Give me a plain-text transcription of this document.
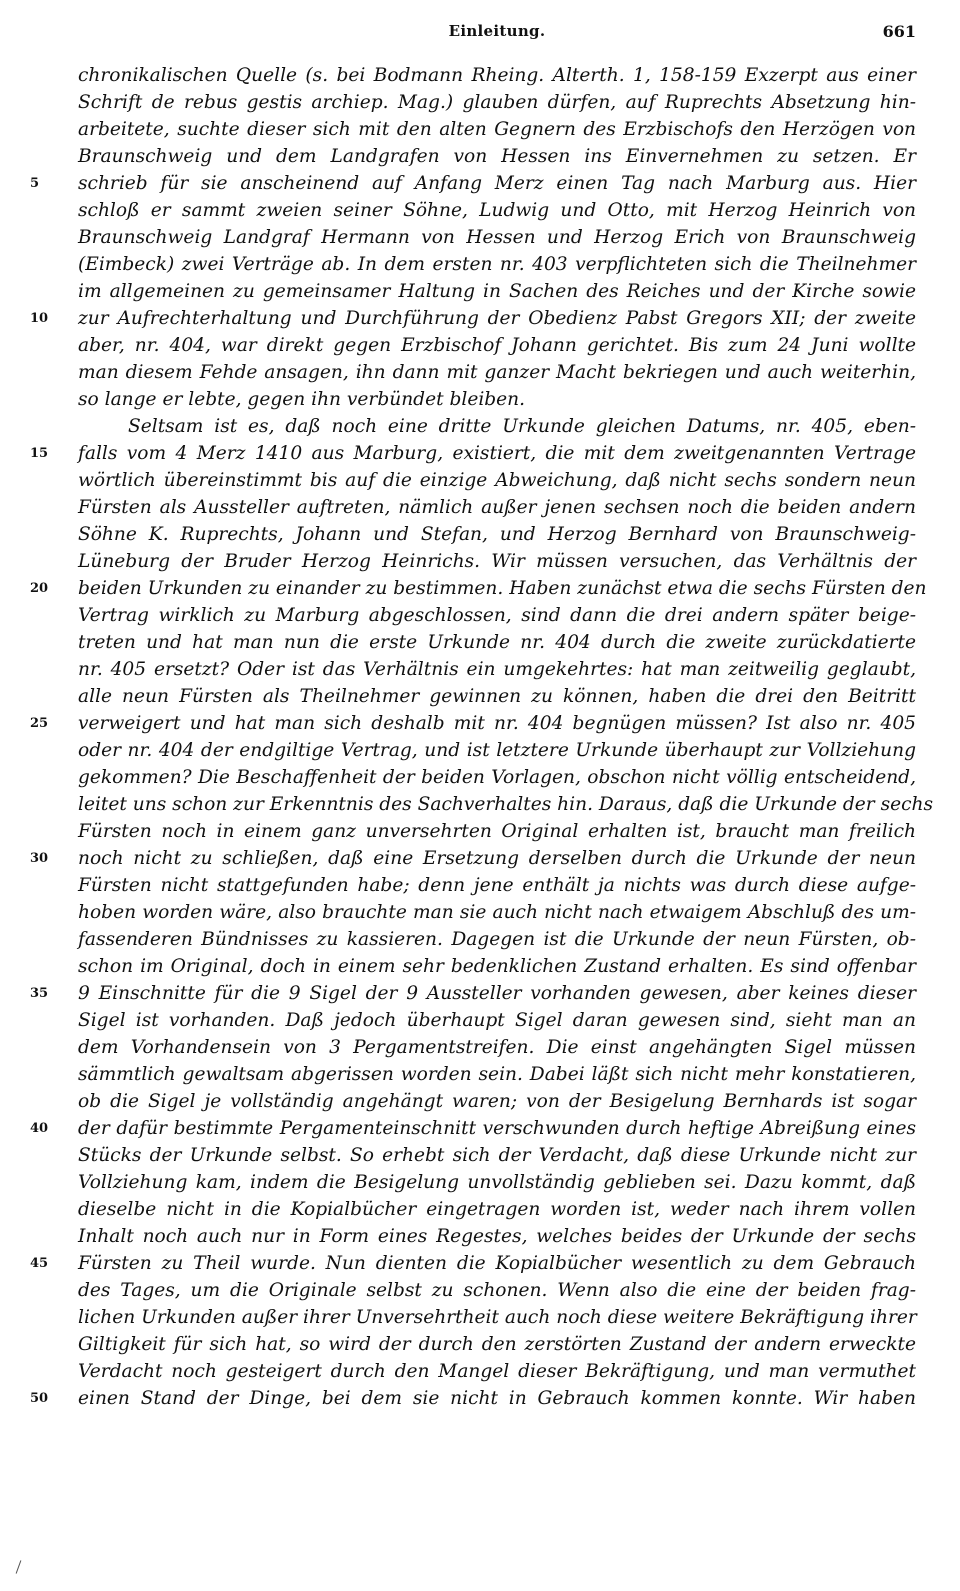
Einleitung.	661
chronikalischen Quelle (s. bei Bodmann Rheing. Alterth. 1, 158-159 Exzerpt aus einer
Schrift de rebus gestis archiep. Mag.) glauben dürfen, auf Ruprechts Absetzung hin-
arbeitete, suchte dieser sich mit den alten Gegnern des Erzbischofs den Herzögen von
Braunschweig und dem Landgrafen von Hessen ins Einvernehmen zu setzen. Er
schrieb für sie anscheinend auf Anfang Merz einen Tag nach Marburg aus. Hier
schloß er sammt zweien seiner Söhne, Ludwig und Otto, mit Herzog Heinrich von
Braunschweig Landgraf Hermann von Hessen und Herzog Erich von Braunschweig
(Eimbeck) zwei Verträge ab. In dem ersten nr. 403 verpflichteten sich die Theilnehmer
im allgemeinen zu gemeinsamer Haltung in Sachen des Reiches und der Kirche sowie
zur Aufrechterhaltung und Durchführung der Obedienz Pabst Gregors XII; der zweite
aber, nr. 404, war direkt gegen Erzbischof Johann gerichtet. Bis zum 24 Juni wollte
man diesem Fehde ansagen, ihn dann mit ganzer Macht bekriegen und auch weiterhin,
so lange er lebte, gegen ihn verbündet bleiben.
Seltsam ist es, daß noch eine dritte Urkunde gleichen Datums, nr. 405, eben-
falls vom 4 Merz 1410 aus Marburg, existiert, die mit dem zweitgenannten Vertrage
wörtlich übereinstimmt bis auf die einzige Abweichung, daß nicht sechs sondern neun
Fürsten als Aussteller auftreten, nämlich außer jenen sechsen noch die beiden andern
Söhne K. Ruprechts, Johann und Stefan, und Herzog Bernhard von Braunschweig-
Lüneburg der Bruder Herzog Heinrichs. Wir müssen versuchen, das Verhältnis der
beiden Urkunden zu einander zu bestimmen. Haben zunächst etwa die sechs Fürsten den
Vertrag wirklich zu Marburg abgeschlossen, sind dann die drei andern später beige-
treten und hat man nun die erste Urkunde nr. 404 durch die zweite zurückdatierte
nr. 405 ersetzt? Oder ist das Verhältnis ein umgekehrtes: hat man zeitweilig geglaubt,
alle neun Fürsten als Theilnehmer gewinnen zu können, haben die drei den Beitritt
verweigert und hat man sich deshalb mit nr. 404 begnügen müssen? Ist also nr. 405
oder nr. 404 der endgiltige Vertrag, und ist letztere Urkunde überhaupt zur Vollziehung
gekommen? Die Beschaffenheit der beiden Vorlagen, obschon nicht völlig entscheidend,
leitet uns schon zur Erkenntnis des Sachverhaltes hin. Daraus, daß die Urkunde der sechs
Fürsten noch in einem ganz unversehrten Original erhalten ist, braucht man freilich
noch nicht zu schließen, daß eine Ersetzung derselben durch die Urkunde der neun
Fürsten nicht stattgefunden habe; denn jene enthält ja nichts was durch diese aufge-
hoben worden wäre, also brauchte man sie auch nicht nach etwaigem Abschluß des um-
fassenderen Bündnisses zu kassieren. Dagegen ist die Urkunde der neun Fürsten, ob-
schon im Original, doch in einem sehr bedenklichen Zustand erhalten. Es sind offenbar
9 Einschnitte für die 9 Sigel der 9 Aussteller vorhanden gewesen, aber keines dieser
Sigel ist vorhanden. Daß jedoch überhaupt Sigel daran gewesen sind, sieht man an
dem Vorhandensein von 3 Pergamentstreifen. Die einst angehängten Sigel müssen
sämmtlich gewaltsam abgerissen worden sein. Dabei läßt sich nicht mehr konstatieren,
ob die Sigel je vollständig angehängt waren; von der Besigelung Bernhards ist sogar
der dafür bestimmte Pergamenteinschnitt verschwunden durch heftige Abreißung eines
Stücks der Urkunde selbst. So erhebt sich der Verdacht, daß diese Urkunde nicht zur
Vollziehung kam, indem die Besigelung unvollständig geblieben sei. Dazu kommt, daß
dieselbe nicht in die Kopialbücher eingetragen worden ist, weder nach ihrem vollen
Inhalt noch auch nur in Form eines Regestes, welches beides der Urkunde der sechs
Fürsten zu Theil wurde. Nun dienten die Kopialbücher wesentlich zu dem Gebrauch
des Tages, um die Originale selbst zu schonen. Wenn also die eine der beiden frag-
lichen Urkunden außer ihrer Unversehrtheit auch noch diese weitere Bekräftigung ihrer
Giltigkeit für sich hat, so wird der durch den zerstörten Zustand der andern erweckte
Verdacht noch gesteigert durch den Mangel dieser Bekräftigung, und man vermuthet
einen Stand der Dinge, bei dem sie nicht in Gebrauch kommen konnte. Wir haben
5
10
15
20
25
30
35
40
45
50
